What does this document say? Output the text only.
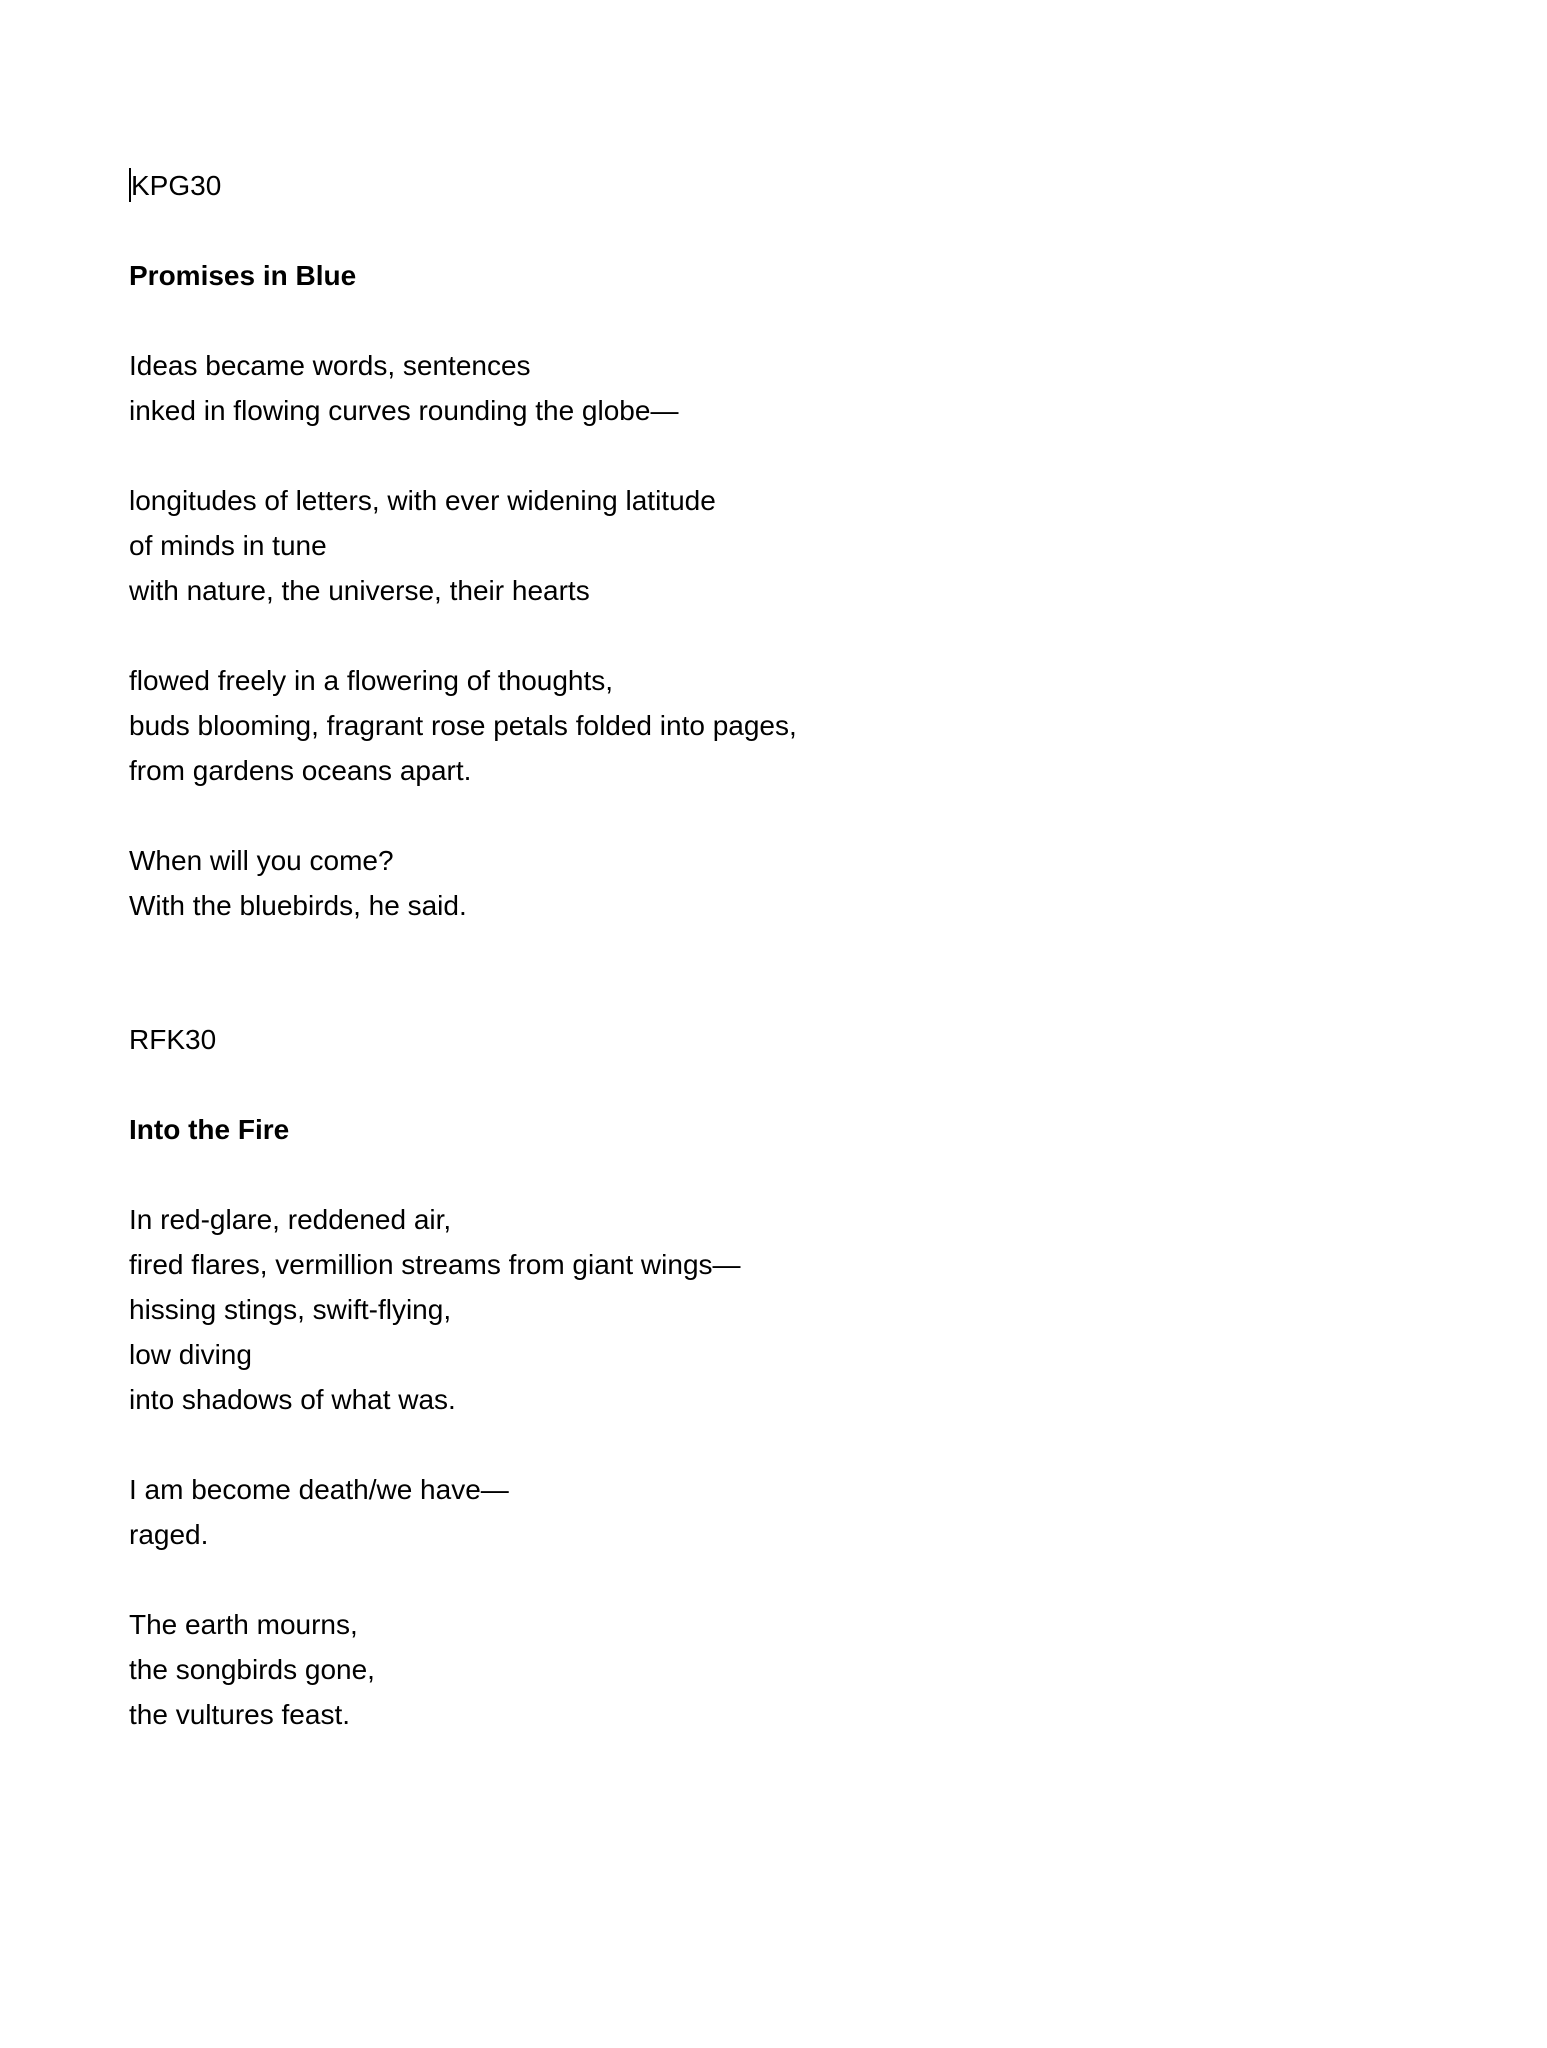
KPG30
Promises in Blue
Ideas became words, sentences
inked in flowing curves rounding the globe—
longitudes of letters, with ever widening latitude
of minds in tune
with nature, the universe, their hearts
flowed freely in a flowering of thoughts,
buds blooming, fragrant rose petals folded into pages,
from gardens oceans apart.
When will you come?
With the bluebirds, he said.
RFK30
Into the Fire
In red-glare, reddened air,
fired flares, vermillion streams from giant wings—
hissing stings, swift-flying,
low diving
into shadows of what was.
I am become death/we have—
raged.
The earth mourns,
the songbirds gone,
the vultures feast.
